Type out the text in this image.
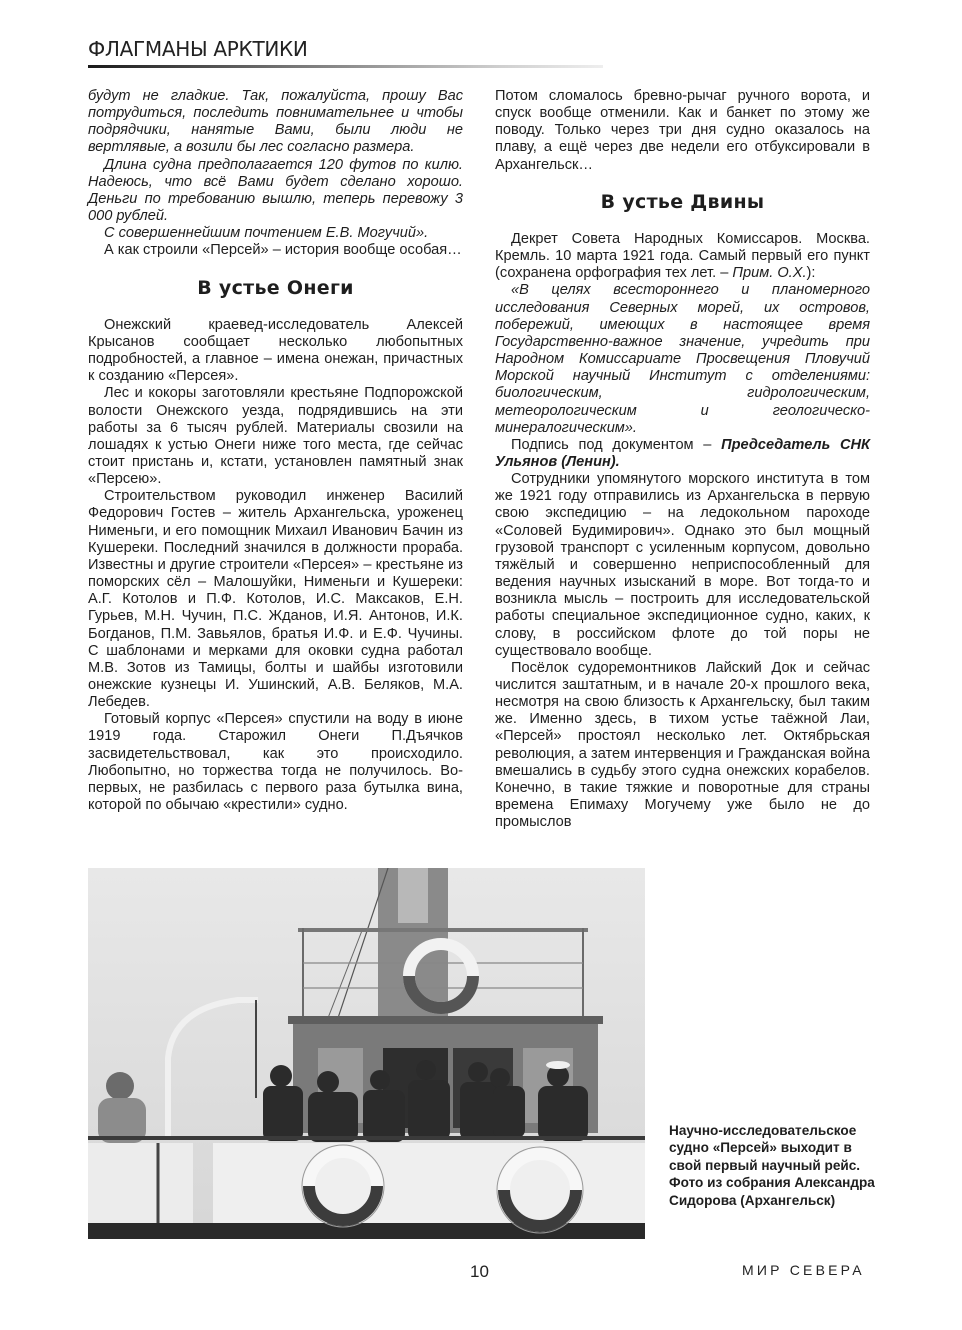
ФЛАГМАНЫ АРКТИКИ

будут не гладкие. Так, пожалуйста, прошу Вас потрудиться, последить повнимательнее и чтобы подрядчики, нанятые Вами, были люди не вертлявые, а возили бы лес согласно размера.

Длина судна предполагается 120 футов по килю. Надеюсь, что всё Вами будет сделано хорошо. Деньги по требованию вышлю, теперь перевожу 3 000 рублей.

С совершеннейшим почтением Е.В. Могучий».

А как строили «Персей» – история вообще особая…

В устье Онеги

Онежский краевед-исследователь Алексей Крысанов сообщает несколько любопытных подробностей, а главное – имена онежан, причастных к созданию «Персея».

Лес и кокоры заготовляли крестьяне Подпорожской волости Онежского уезда, подрядившись на эти работы за 6 тысяч рублей. Материалы свозили на лошадях к устью Онеги ниже того места, где сейчас стоит пристань и, кстати, установлен памятный знак «Персею».

Строительством руководил инженер Василий Федорович Гостев – житель Архангельска, уроженец Нименьги, и его помощник Михаил Иванович Бачин из Кушереки. Последний значился в должности прораба. Известны и другие строители «Персея» – крестьяне из поморских сёл – Малошуйки, Нименьги и Кушереки: А.Г. Котолов и П.Ф. Котолов, И.С. Максаков, Е.Н. Гурьев, М.Н. Чучин, П.С. Жданов, И.Я. Антонов, И.К. Богданов, П.М. Завьялов, братья И.Ф. и Е.Ф. Чучины. С шаблонами и мерками для оковки судна работал М.В. Зотов из Тамицы, болты и шайбы изготовили онежские кузнецы И. Ушинский, А.В. Беляков, М.А. Лебедев.

Готовый корпус «Персея» спустили на воду в июне 1919 года. Старожил Онеги П.Дъячков засвидетельствовал, как это происходило. Любопытно, но торжества тогда не получилось. Во-первых, не разбилась с первого раза бутылка вина, которой по обычаю «крестили» судно.

Потом сломалось бревно-рычаг ручного ворота, и спуск вообще отменили. Как и банкет по этому же поводу. Только через три дня судно оказалось на плаву, а ещё через две недели его отбуксировали в Архангельск…

В устье Двины

Декрет Совета Народных Комиссаров. Москва. Кремль. 10 марта 1921 года. Самый первый его пункт (сохранена орфография тех лет. – Прим. О.Х.):

«В целях всестороннего и планомерного исследования Северных морей, их островов, побережий, имеющих в настоящее время Государственно-важное значение, учредить при Народном Комиссариате Просвещения Пловучий Морской научный Институт с отделениями: биологическим, гидрологическим, метеорологическим и геологическо-минералогическим».

Подпись под документом – Председатель СНК Ульянов (Ленин).

Сотрудники упомянутого морского института в том же 1921 году отправились из Архангельска в первую свою экспедицию – на ледокольном пароходе «Соловей Будимирович». Однако это был мощный грузовой транспорт с усиленным корпусом, довольно тяжёлый и совершенно неприспособленный для ведения научных изысканий в море. Вот тогда-то и возникла мысль – построить для исследовательской работы специальное экспедиционное судно, каких, к слову, в российском флоте до той поры не существовало вообще.

Посёлок судоремонтников Лайский Док и сейчас числится заштатным, и в начале 20-х прошлого века, несмотря на свою близость к Архангельску, был таким же. Именно здесь, в тихом устье таёжной Лаи, «Персей» простоял несколько лет. Октябрьская революция, а затем интервенция и Гражданская война вмешались в судьбу этого судна онежских корабелов. Конечно, в такие тяжкие и поворотные для страны времена Епимаху Могучему уже было не до промыслов

Научно-исследовательское судно «Персей» выходит в свой первый научный рейс. Фото из собрания Александра Сидорова (Архангельск)
10	МИР СЕВЕРА
